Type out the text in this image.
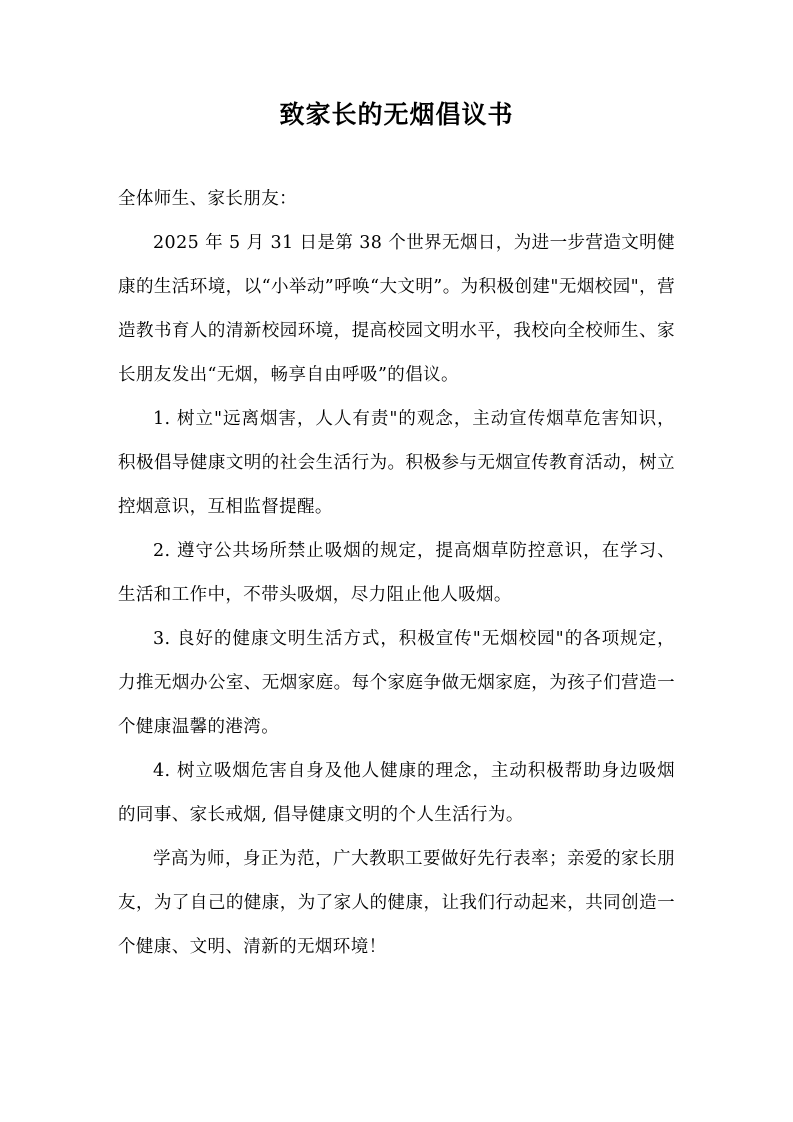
致家长的无烟倡议书

全体师生、家长朋友：

2025 年 5 月 31 日是第 38 个世界无烟日，为进一步营造文明健康的生活环境，以“小举动”呼唤“大文明”。为积极创建"无烟校园"，营造教书育人的清新校园环境，提高校园文明水平，我校向全校师生、家长朋友发出“无烟，畅享自由呼吸”的倡议。

1. 树立"远离烟害，人人有责"的观念，主动宣传烟草危害知识，积极倡导健康文明的社会生活行为。积极参与无烟宣传教育活动，树立控烟意识，互相监督提醒。

2. 遵守公共场所禁止吸烟的规定，提高烟草防控意识，在学习、生活和工作中，不带头吸烟，尽力阻止他人吸烟。

3. 良好的健康文明生活方式，积极宣传"无烟校园"的各项规定，力推无烟办公室、无烟家庭。每个家庭争做无烟家庭，为孩子们营造一个健康温馨的港湾。

4. 树立吸烟危害自身及他人健康的理念，主动积极帮助身边吸烟的同事、家长戒烟, 倡导健康文明的个人生活行为。

学高为师，身正为范，广大教职工要做好先行表率；亲爱的家长朋友，为了自己的健康，为了家人的健康，让我们行动起来，共同创造一个健康、文明、清新的无烟环境！
